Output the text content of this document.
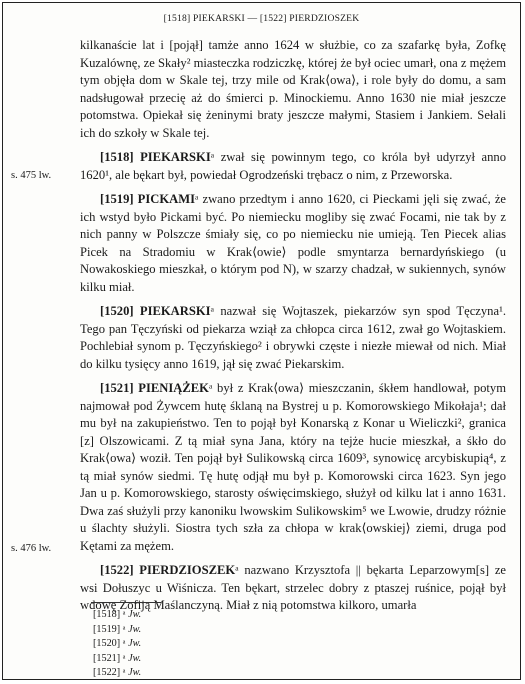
[1518] PIEKARSKI — [1522] PIERDZIOSZEK
s. 475 lw.
s. 476 lw.

kilkanaście lat i [pojął] tamże anno 1624 w służbie, co za szafarkę była, Zofkę Kuzalównę, ze Skały² miasteczka rodziczkę, której że był ociec umarł, ona z mężem tym objęła dom w Skale tej, trzy mile od Krak⟨owa⟩, i role były do domu, a sam nadsługował przecię aż do śmierci p. Minockiemu. Anno 1630 nie miał jeszcze potomstwa. Opiekał się żeninymi braty jeszcze małymi, Stasiem i Jankiem. Sełali ich do szkoły w Skale tej.

[1518] PIEKARSKIᵃ zwał się powinnym tego, co króla był udyrzył anno 1620¹, ale bękart był, powiedał Ogrodzeński trębacz o nim, z Przeworska.

[1519] PICKAMIᵃ zwano przedtym i anno 1620, ci Pieckami jęli się zwać, że ich wstyd było Pickami być. Po niemiecku mogliby się zwać Focami, nie tak by z nich panny w Polszcze śmiały się, co po niemiecku nie umieją. Ten Piecek alias Picek na Stradomiu w Krak⟨owie⟩ podle smyntarza bernardyńskiego (u Nowakoskiego mieszkał, o którym pod N), w szarzy chadzał, w sukiennych, synów kilku miał.

[1520] PIEKARSKIᵃ nazwał się Wojtaszek, piekarzów syn spod Tęczyna¹. Tego pan Tęczyński od piekarza wziął za chłopca circa 1612, zwał go Wojtaskiem. Pochlebiał synom p. Tęczyńskiego² i obrywki częste i niezłe miewał od nich. Miał do kilku tysięcy anno 1619, jął się zwać Piekarskim.

[1521] PIENIĄŻEKᵃ był z Krak⟨owa⟩ mieszczanin, śkłem handlował, potym najmował pod Żywcem hutę śklaną na Bystrej u p. Komorowskiego Mikołaja¹; dał mu był na zakupieństwo. Ten to pojął był Konarską z Konar u Wieliczki², granica [z] Olszowicami. Z tą miał syna Jana, który na tejże hucie mieszkał, a śkło do Krak⟨owa⟩ woził. Ten pojął był Sulikowską circa 1609³, synowicę arcybiskupią⁴, z tą miał synów siedmi. Tę hutę odjął mu był p. Komorowski circa 1623. Syn jego Jan u p. Komorowskiego, starosty oświęcimskiego, służył od kilku lat i anno 1631. Dwa zaś służyli przy kanoniku lwowskim Sulikowskim⁵ we Lwowie, drudzy różnie u ślachty służyli. Siostra tych szła za chłopa w krak⟨owskiej⟩ ziemi, druga pod Kętami za mężem.

[1522] PIERDZIOSZEKᵃ nazwano Krzysztofa || bękarta Leparzowym[s] ze wsi Dołuszyc u Wiśnicza. Ten bękart, strzelec dobry z ptaszej ruśnice, pojął był wdowę Zofiją Maślanczyną. Miał z nią potomstwa kilkoro, umarła

[1518] ᵃ Jw.
[1519] ᵃ Jw.
[1520] ᵃ Jw.
[1521] ᵃ Jw.
[1522] ᵃ Jw.
